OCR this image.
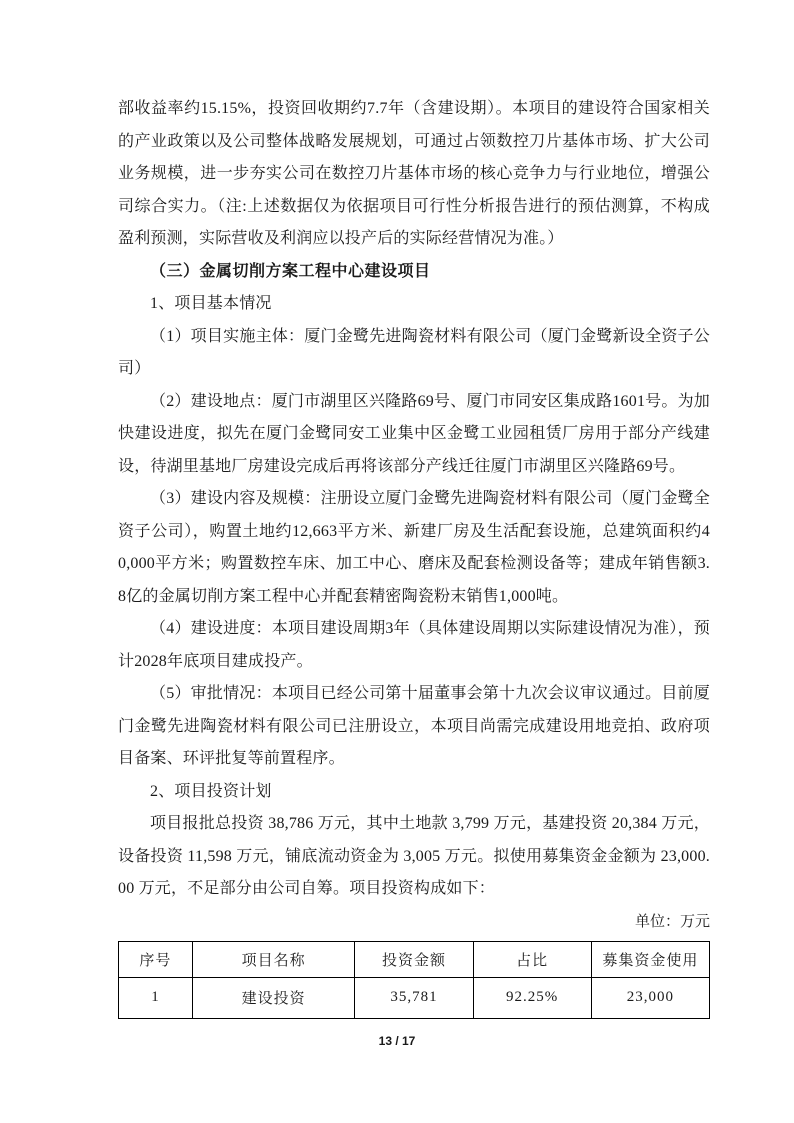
部收益率约15.15%，投资回收期约7.7年（含建设期）。本项目的建设符合国家相关的产业政策以及公司整体战略发展规划，可通过占领数控刀片基体市场、扩大公司业务规模，进一步夯实公司在数控刀片基体市场的核心竞争力与行业地位，增强公司综合实力。（注:上述数据仅为依据项目可行性分析报告进行的预估测算，不构成盈利预测，实际营收及利润应以投产后的实际经营情况为准。）

（三）金属切削方案工程中心建设项目

1、项目基本情况

（1）项目实施主体：厦门金鹭先进陶瓷材料有限公司（厦门金鹭新设全资子公司）

（2）建设地点：厦门市湖里区兴隆路69号、厦门市同安区集成路1601号。为加快建设进度，拟先在厦门金鹭同安工业集中区金鹭工业园租赁厂房用于部分产线建设，待湖里基地厂房建设完成后再将该部分产线迁往厦门市湖里区兴隆路69号。

（3）建设内容及规模：注册设立厦门金鹭先进陶瓷材料有限公司（厦门金鹭全资子公司），购置土地约12,663平方米、新建厂房及生活配套设施，总建筑面积约40,000平方米；购置数控车床、加工中心、磨床及配套检测设备等；建成年销售额3.8亿的金属切削方案工程中心并配套精密陶瓷粉末销售1,000吨。

（4）建设进度：本项目建设周期3年（具体建设周期以实际建设情况为准），预计2028年底项目建成投产。

（5）审批情况：本项目已经公司第十届董事会第十九次会议审议通过。目前厦门金鹭先进陶瓷材料有限公司已注册设立，本项目尚需完成建设用地竞拍、政府项目备案、环评批复等前置程序。

2、项目投资计划

项目报批总投资 38,786 万元，其中土地款 3,799 万元，基建投资 20,384 万元，设备投资 11,598 万元，铺底流动资金为 3,005 万元。拟使用募集资金金额为 23,000.00 万元，不足部分由公司自筹。项目投资构成如下：

单位：万元

序号	项目名称	投资金额	占比	募集资金使用
1	建设投资	35,781	92.25%	23,000
13 / 17
